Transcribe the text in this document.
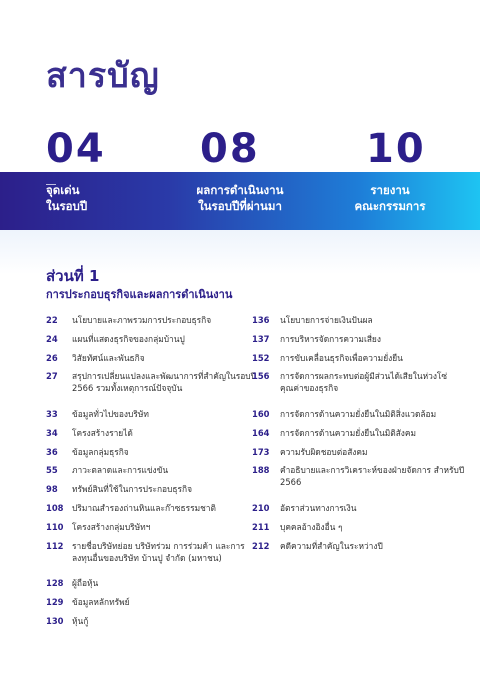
สารบัญ
04 08	10
จุดเด่น
ในรอบปี
ผลการดำเนินงาน
ในรอบปีที่ผ่านมา
รายงาน
คณะกรรมการ
ส่วนที่ 1
การประกอบธุรกิจและผลการดำเนินงาน
22	นโยบายและภาพรวมการประกอบธุรกิจ
24	แผนที่แสดงธุรกิจของกลุ่มบ้านปู
26	วิสัยทัศน์และพันธกิจ
27	สรุปการเปลี่ยนแปลงและพัฒนาการที่สำคัญในรอบปี 2566 รวมทั้งเหตุการณ์ปัจจุบัน
33	ข้อมูลทั่วไปของบริษัท
34	โครงสร้างรายได้
36	ข้อมูลกลุ่มธุรกิจ
55	ภาวะตลาดและการแข่งขัน
98	ทรัพย์สินที่ใช้ในการประกอบธุรกิจ
108	ปริมาณสำรองถ่านหินและก๊าซธรรมชาติ
110	โครงสร้างกลุ่มบริษัทฯ
112	รายชื่อบริษัทย่อย บริษัทร่วม การร่วมค้า และการลงทุนอื่นของบริษัท บ้านปู จำกัด (มหาชน)
128	ผู้ถือหุ้น
129	ข้อมูลหลักทรัพย์
130	หุ้นกู้
136	นโยบายการจ่ายเงินปันผล
137	การบริหารจัดการความเสี่ยง
152	การขับเคลื่อนธุรกิจเพื่อความยั่งยืน
156	การจัดการผลกระทบต่อผู้มีส่วนได้เสียในห่วงโซ่คุณค่าของธุรกิจ
160	การจัดการด้านความยั่งยืนในมิติสิ่งแวดล้อม
164	การจัดการด้านความยั่งยืนในมิติสังคม
173	ความรับผิดชอบต่อสังคม
188	คำอธิบายและการวิเคราะห์ของฝ่ายจัดการ สำหรับปี 2566
210	อัตราส่วนทางการเงิน
211	บุคคลอ้างอิงอื่น ๆ
212	คดีความที่สำคัญในระหว่างปี
